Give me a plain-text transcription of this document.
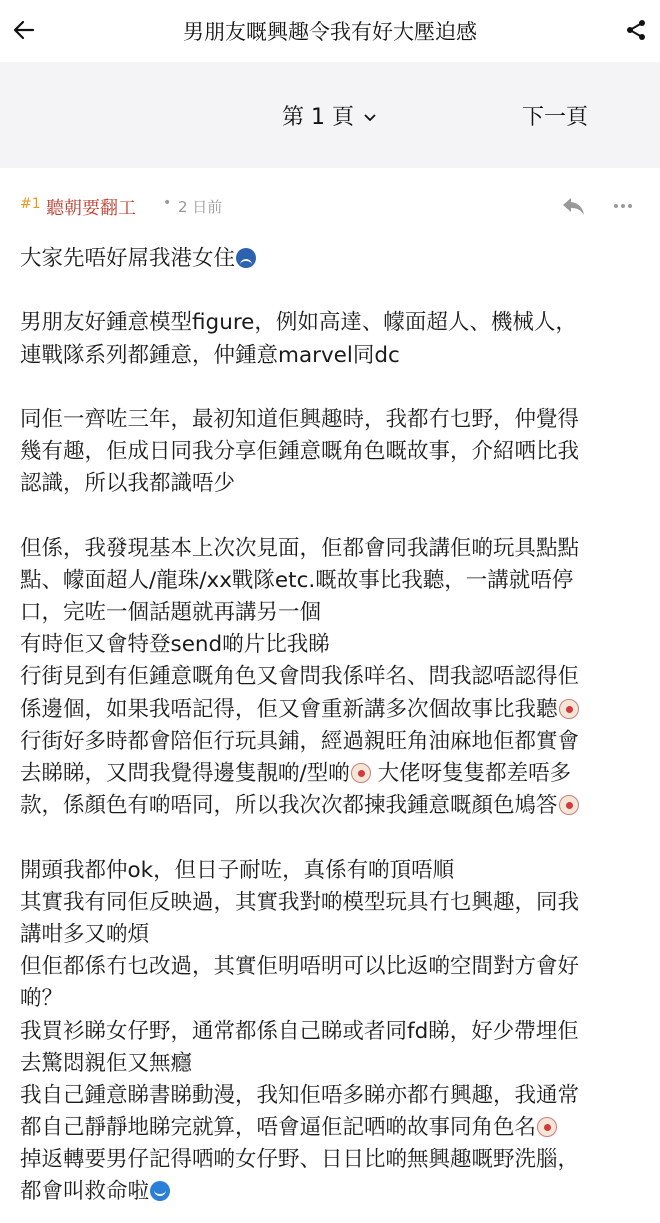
男朋友嘅興趣令我有好大壓迫感
第 1 頁	下一頁
#1 聽朝要翻工 • 2 日前
大家先唔好屌我港女住
男朋友好鍾意模型figure，例如高達、幪面超人、機械人，
連戰隊系列都鍾意，仲鍾意marvel同dc
同佢一齊咗三年，最初知道佢興趣時，我都冇乜野，仲覺得
幾有趣，佢成日同我分享佢鍾意嘅角色嘅故事，介紹哂比我
認識，所以我都識唔少
但係，我發現基本上次次見面，佢都會同我講佢啲玩具點點
點、幪面超人/龍珠/xx戰隊etc.嘅故事比我聽，一講就唔停
口，完咗一個話題就再講另一個
有時佢又會特登send啲片比我睇
行街見到有佢鍾意嘅角色又會問我係咩名、問我認唔認得佢
係邊個，如果我唔記得，佢又會重新講多次個故事比我聽
行街好多時都會陪佢行玩具鋪，經過親旺角油麻地佢都實會
去睇睇，又問我覺得邊隻靚啲/型啲 大佬呀隻隻都差唔多
款，係顏色有啲唔同，所以我次次都揀我鍾意嘅顏色鳩答
開頭我都仲ok，但日子耐咗，真係有啲頂唔順
其實我有同佢反映過，其實我對啲模型玩具冇乜興趣，同我
講咁多又啲煩
但佢都係冇乜改過，其實佢明唔明可以比返啲空間對方會好
啲？
我買衫睇女仔野，通常都係自己睇或者同fd睇，好少帶埋佢
去驚悶親佢又無癮
我自己鍾意睇書睇動漫，我知佢唔多睇亦都冇興趣，我通常
都自己靜靜地睇完就算，唔會逼佢記哂啲故事同角色名
掉返轉要男仔記得哂啲女仔野、日日比啲無興趣嘅野洗腦，
都會叫救命啦
